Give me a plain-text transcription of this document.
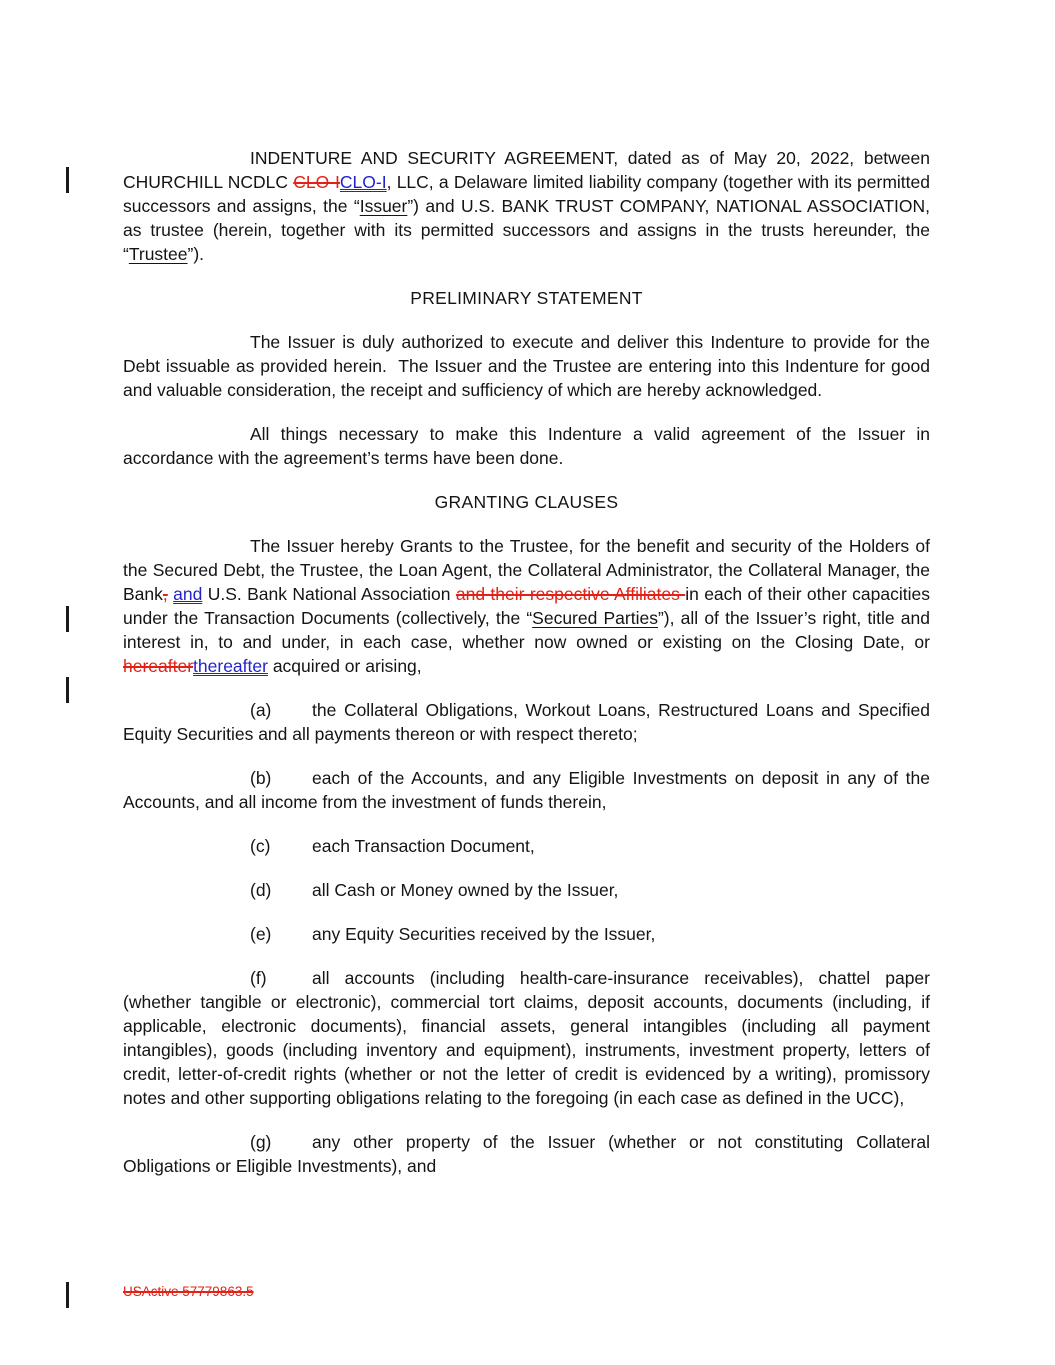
INDENTURE AND SECURITY AGREEMENT, dated as of May 20, 2022, between CHURCHILL NCDLC CLO-ICLO-I, LLC, a Delaware limited liability company (together with its permitted successors and assigns, the “Issuer”) and U.S. BANK TRUST COMPANY, NATIONAL ASSOCIATION, as trustee (herein, together with its permitted successors and assigns in the trusts hereunder, the “Trustee”).

PRELIMINARY STATEMENT

The Issuer is duly authorized to execute and deliver this Indenture to provide for the Debt issuable as provided herein.  The Issuer and the Trustee are entering into this Indenture for good and valuable consideration, the receipt and sufficiency of which are hereby acknowledged.

All things necessary to make this Indenture a valid agreement of the Issuer in accordance with the agreement’s terms have been done.

GRANTING CLAUSES

The Issuer hereby Grants to the Trustee, for the benefit and security of the Holders of the Secured Debt, the Trustee, the Loan Agent, the Collateral Administrator, the Collateral Manager, the Bank, and U.S. Bank National Association and their respective Affiliates in each of their other capacities under the Transaction Documents (collectively, the “Secured Parties”), all of the Issuer’s right, title and interest in, to and under, in each case, whether now owned or existing on the Closing Date, or hereafterthereafter acquired or arising,

(a) the Collateral Obligations, Workout Loans, Restructured Loans and Specified Equity Securities and all payments thereon or with respect thereto;

(b) each of the Accounts, and any Eligible Investments on deposit in any of the Accounts, and all income from the investment of funds therein,

(c) each Transaction Document,

(d) all Cash or Money owned by the Issuer,

(e) any Equity Securities received by the Issuer,

(f)	all accounts (including health-care-insurance receivables), chattel paper (whether tangible or electronic), commercial tort claims, deposit accounts, documents (including, if applicable, electronic documents), financial assets, general intangibles (including all payment intangibles), goods (including inventory and equipment), instruments, investment property, letters of credit, letter-of-credit rights (whether or not the letter of credit is evidenced by a writing), promissory notes and other supporting obligations relating to the foregoing (in each case as defined in the UCC),

(g) any other property of the Issuer (whether or not constituting Collateral Obligations or Eligible Investments), and

USActive 57779863.5
